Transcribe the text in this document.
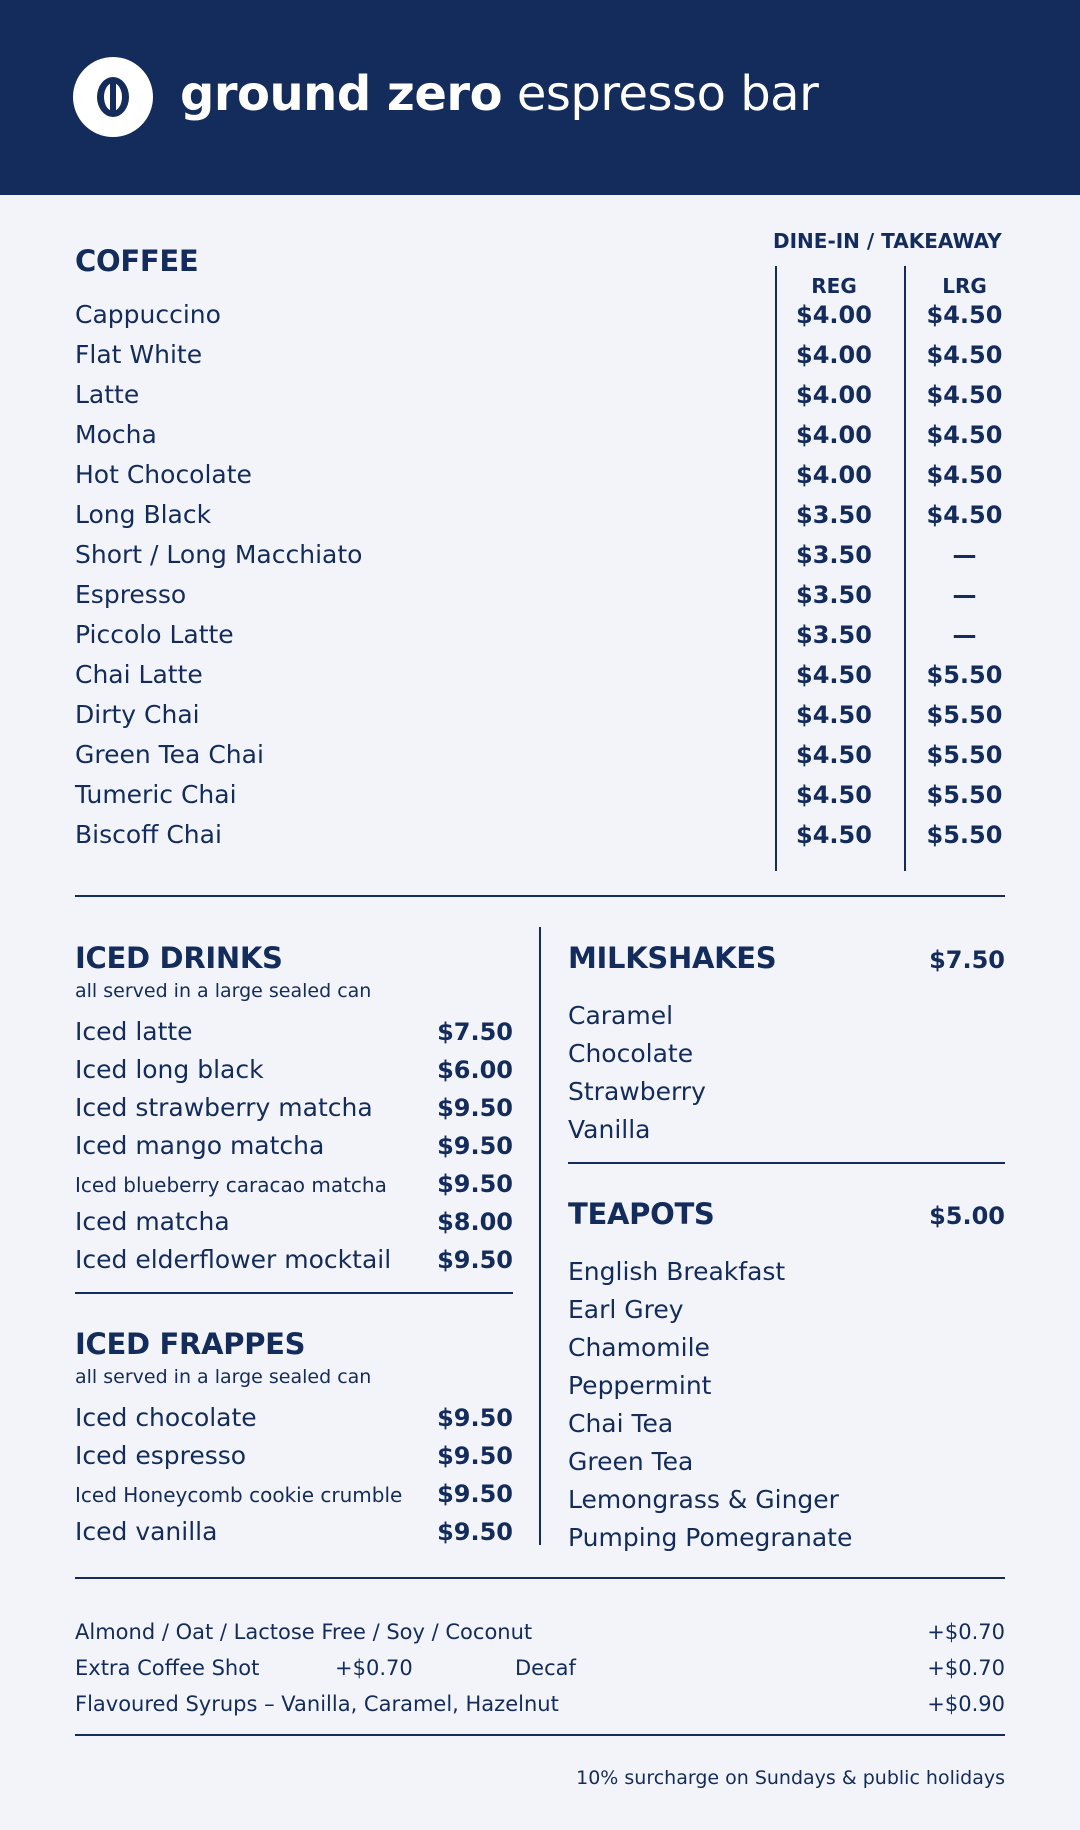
ground zero espresso bar
COFFEE
DINE-IN / TAKEAWAY
REG	LRG
Cappuccino	$4.00	$4.50
Flat White	$4.00	$4.50
Latte	$4.00	$4.50
Mocha	$4.00	$4.50
Hot Chocolate	$4.00	$4.50
Long Black	$3.50	$4.50
Short / Long Macchiato	$3.50	—
Espresso	$3.50	—
Piccolo Latte	$3.50	—
Chai Latte	$4.50	$5.50
Dirty Chai	$4.50	$5.50
Green Tea Chai	$4.50	$5.50
Tumeric Chai	$4.50	$5.50
Biscoff Chai	$4.50	$5.50
ICED DRINKS
all served in a large sealed can
Iced latte	$7.50
Iced long black	$6.00
Iced strawberry matcha	$9.50
Iced mango matcha	$9.50
Iced blueberry caracao matcha	$9.50
Iced matcha	$8.00
Iced elderflower mocktail	$9.50
ICED FRAPPES
all served in a large sealed can
Iced chocolate	$9.50
Iced espresso	$9.50
Iced Honeycomb cookie crumble	$9.50
Iced vanilla	$9.50
MILKSHAKES	$7.50
Caramel
Chocolate
Strawberry
Vanilla
TEAPOTS	$5.00
English Breakfast
Earl Grey
Chamomile
Peppermint
Chai Tea
Green Tea
Lemongrass & Ginger
Pumping Pomegranate
Almond / Oat / Lactose Free / Soy / Coconut	+$0.70
Extra Coffee Shot	+$0.70	Decaf	+$0.70
Flavoured Syrups – Vanilla, Caramel, Hazelnut	+$0.90
10% surcharge on Sundays & public holidays
